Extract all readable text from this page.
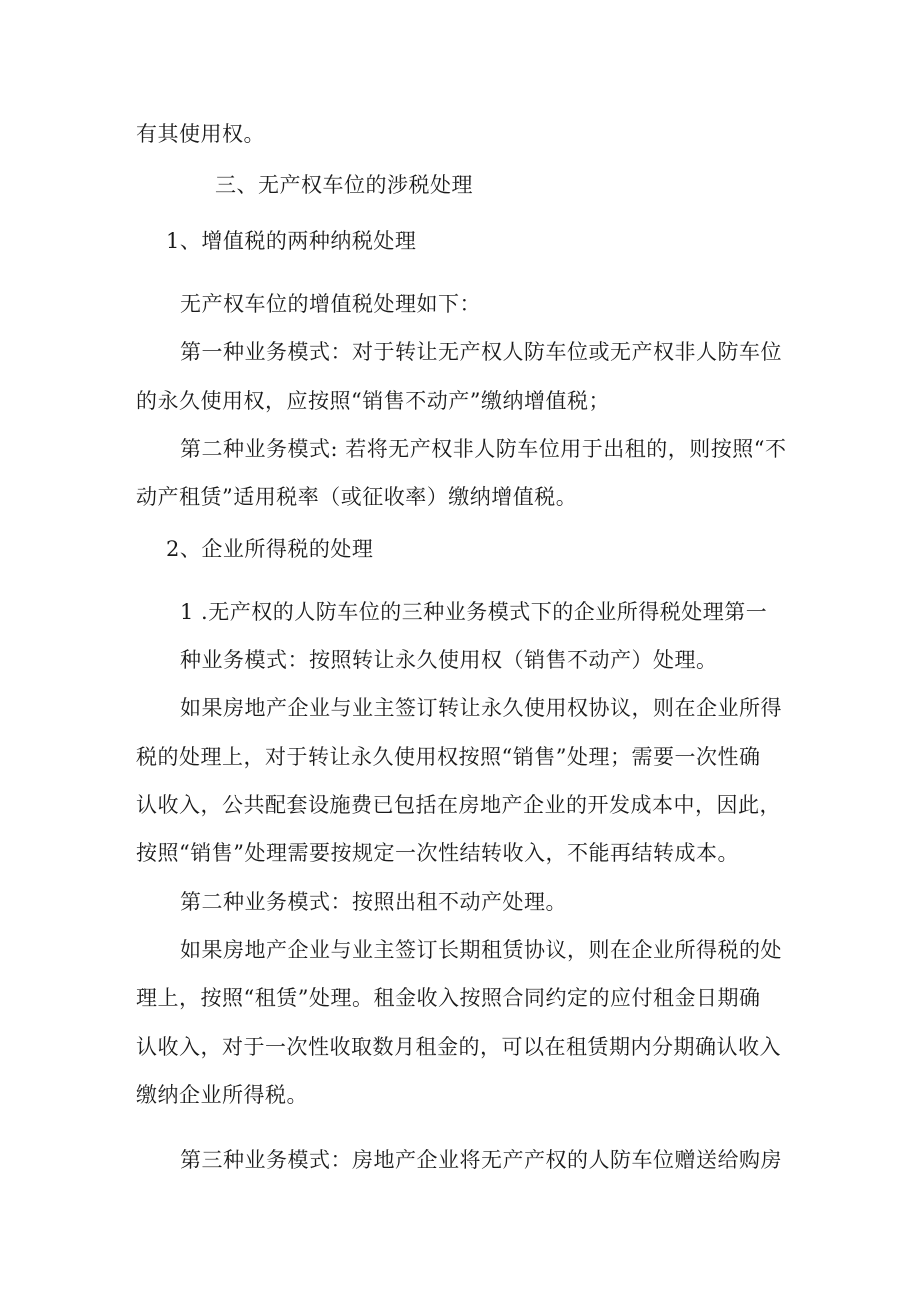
有其使用权。
三、无产权车位的涉税处理
1、增值税的两种纳税处理
无产权车位的增值税处理如下：
第一种业务模式：对于转让无产权人防车位或无产权非人防车位
的永久使用权，应按照“销售不动产”缴纳增值税；
第二种业务模式: 若将无产权非人防车位用于出租的，则按照“不
动产租赁”适用税率（或征收率）缴纳增值税。
2、企业所得税的处理
1 .无产权的人防车位的三种业务模式下的企业所得税处理第一
种业务模式：按照转让永久使用权（销售不动产）处理。
如果房地产企业与业主签订转让永久使用权协议，则在企业所得
税的处理上，对于转让永久使用权按照“销售”处理；需要一次性确
认收入，公共配套设施费已包括在房地产企业的开发成本中，因此，
按照“销售”处理需要按规定一次性结转收入，不能再结转成本。
第二种业务模式：按照出租不动产处理。
如果房地产企业与业主签订长期租赁协议，则在企业所得税的处
理上，按照“租赁”处理。租金收入按照合同约定的应付租金日期确
认收入，对于一次性收取数月租金的，可以在租赁期内分期确认收入
缴纳企业所得税。
第三种业务模式：房地产企业将无产产权的人防车位赠送给购房
